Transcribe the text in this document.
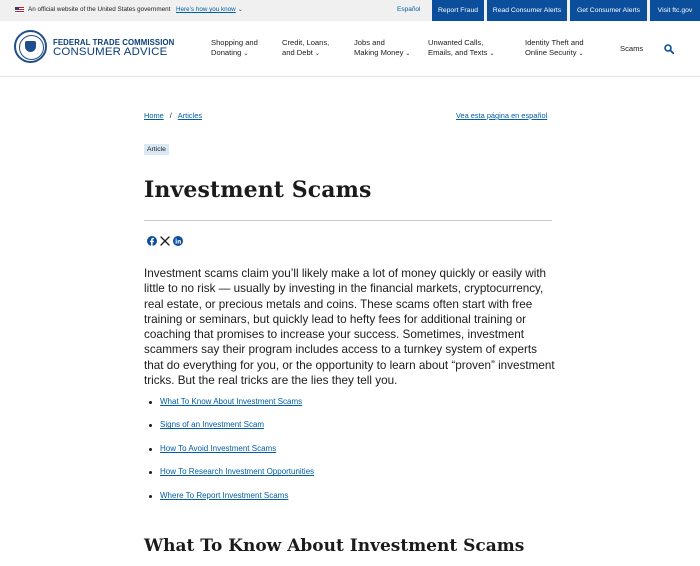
An official website of the United States government Here’s how you know ⌄	Español	Report Fraud	Read Consumer Alerts	Get Consumer Alerts	Visit ftc.gov
FEDERAL TRADE COMMISSION
CONSUMER ADVICE
Shopping and
Donating ⌄
Credit, Loans,
and Debt ⌄
Jobs and
Making Money ⌄
Unwanted Calls,
Emails, and Texts ⌄
Identity Theft and
Online Security ⌄
Scams
Home / Articles	Vea esta página en español
Article
Investment Scams

Investment scams claim you’ll likely make a lot of money quickly or easily with little to no risk — usually by investing in the financial markets, cryptocurrency, real estate, or precious metals and coins. These scams often start with free training or seminars, but quickly lead to hefty fees for additional training or coaching that promises to increase your success. Sometimes, investment scammers say their program includes access to a turnkey system of experts that do everything for you, or the opportunity to learn about “proven” investment tricks. But the real tricks are the lies they tell you.

What To Know About Investment Scams
Signs of an Investment Scam
How To Avoid Investment Scams
How To Research Investment Opportunities
Where To Report Investment Scams
What To Know About Investment Scams
